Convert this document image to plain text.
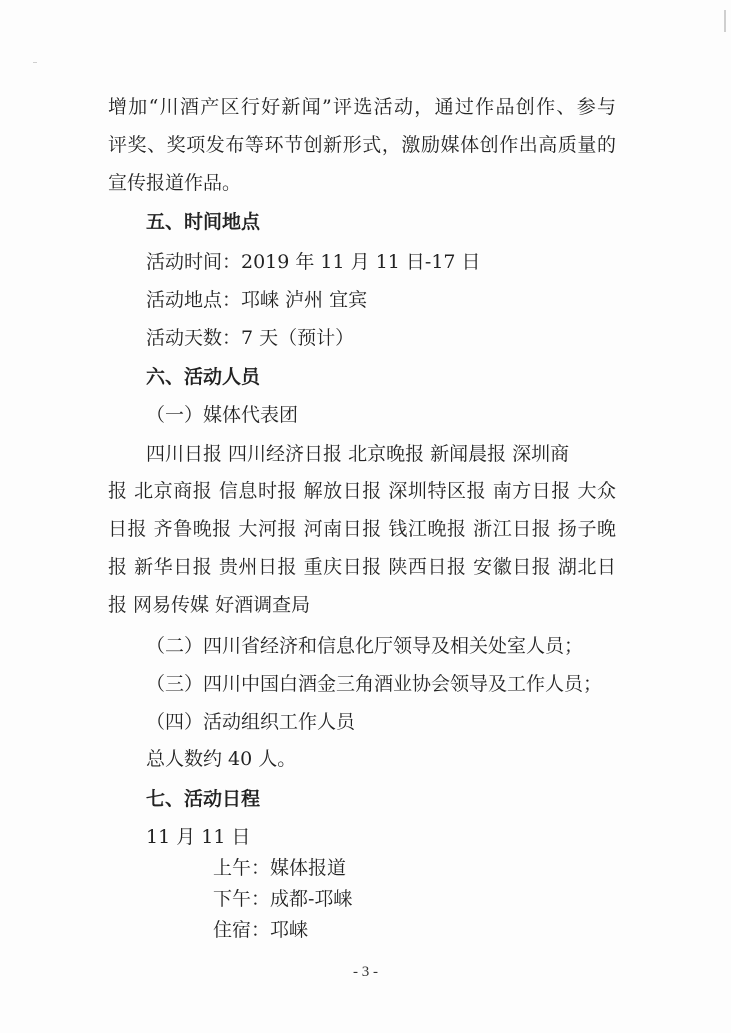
增加“川酒产区行好新闻”评选活动，通过作品创作、参与
评奖、奖项发布等环节创新形式，激励媒体创作出高质量的
宣传报道作品。
五、时间地点
活动时间：2019 年 11 月 11 日-17 日
活动地点：邛崃 泸州 宜宾
活动天数：7 天（预计）
六、活动人员
（一）媒体代表团
四川日报 四川经济日报 北京晚报 新闻晨报 深圳商
报 北京商报 信息时报 解放日报 深圳特区报 南方日报 大众
日报 齐鲁晚报 大河报 河南日报 钱江晚报 浙江日报 扬子晚
报 新华日报 贵州日报 重庆日报 陕西日报 安徽日报 湖北日
报 网易传媒 好酒调查局
（二）四川省经济和信息化厅领导及相关处室人员；
（三）四川中国白酒金三角酒业协会领导及工作人员；
（四）活动组织工作人员
总人数约 40 人。
七、活动日程
11 月 11 日
上午：媒体报道
下午：成都-邛崃
住宿：邛崃
- 3 -
